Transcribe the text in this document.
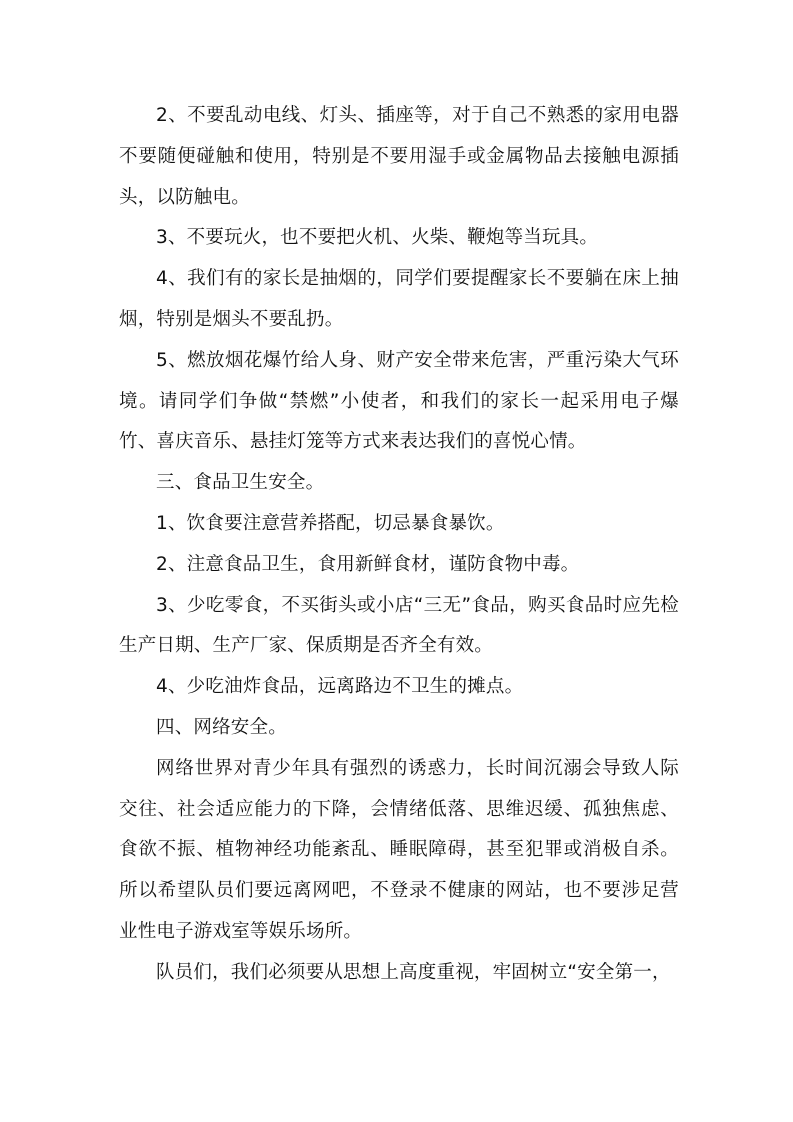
2、不要乱动电线、灯头、插座等，对于自己不熟悉的家用电器不要随便碰触和使用，特别是不要用湿手或金属物品去接触电源插头，以防触电。

3、不要玩火，也不要把火机、火柴、鞭炮等当玩具。

4、我们有的家长是抽烟的，同学们要提醒家长不要躺在床上抽烟，特别是烟头不要乱扔。

5、燃放烟花爆竹给人身、财产安全带来危害，严重污染大气环境。请同学们争做“禁燃”小使者，和我们的家长一起采用电子爆竹、喜庆音乐、悬挂灯笼等方式来表达我们的喜悦心情。

三、食品卫生安全。

1、饮食要注意营养搭配，切忌暴食暴饮。

2、注意食品卫生，食用新鲜食材，谨防食物中毒。

3、少吃零食，不买街头或小店“三无”食品，购买食品时应先检生产日期、生产厂家、保质期是否齐全有效。

4、少吃油炸食品，远离路边不卫生的摊点。

四、网络安全。

网络世界对青少年具有强烈的诱惑力，长时间沉溺会导致人际交往、社会适应能力的下降，会情绪低落、思维迟缓、孤独焦虑、食欲不振、植物神经功能紊乱、睡眠障碍，甚至犯罪或消极自杀。所以希望队员们要远离网吧，不登录不健康的网站，也不要涉足营业性电子游戏室等娱乐场所。

队员们，我们必须要从思想上高度重视，牢固树立“安全第一，
